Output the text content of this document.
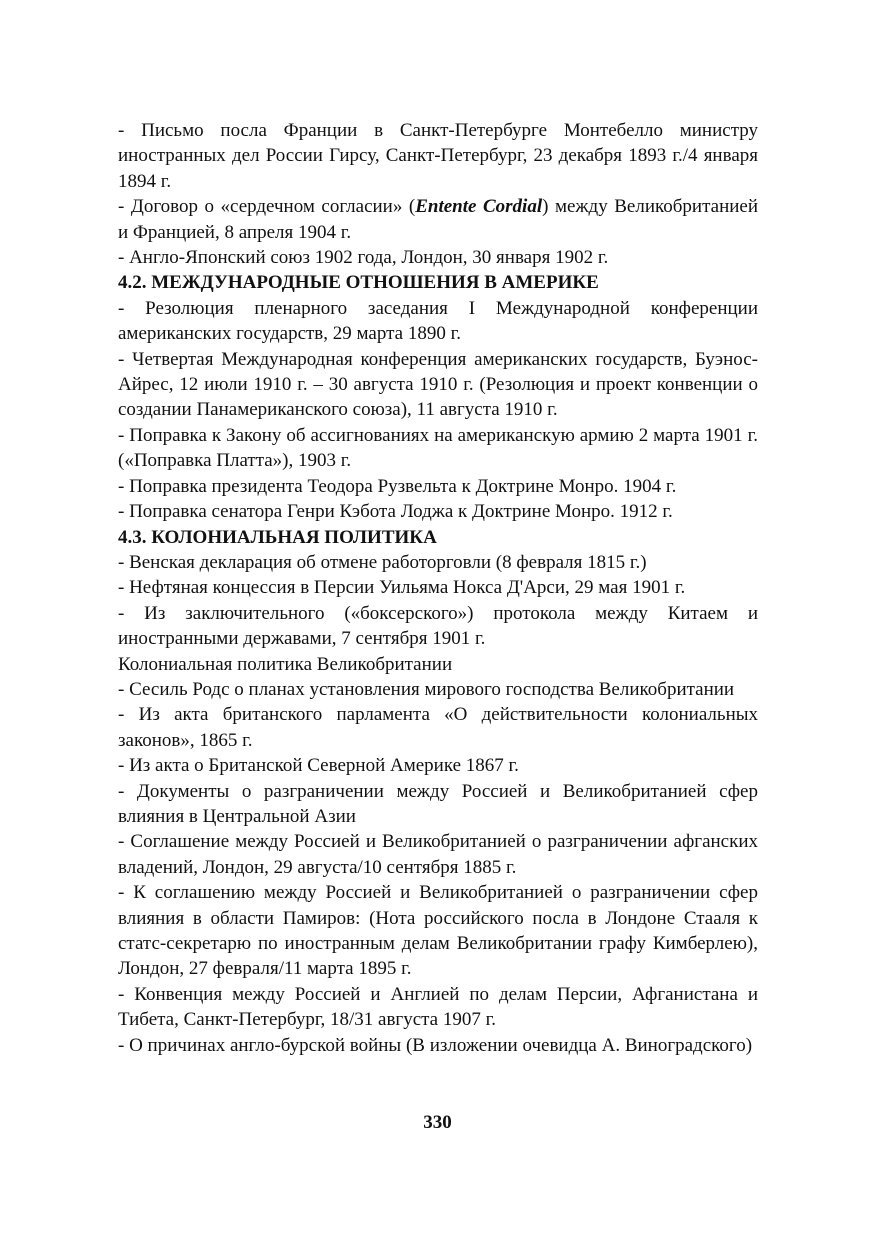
- Письмо посла Франции в Санкт-Петербурге Монтебелло министру иностранных дел России Гирсу, Санкт-Петербург, 23 декабря 1893 г./4 января 1894 г.

- Договор о «сердечном согласии» (Entente Cordial) между Великобританией и Францией, 8 апреля 1904 г.

- Англо-Японский союз 1902 года, Лондон, 30 января 1902 г.

4.2. МЕЖДУНАРОДНЫЕ ОТНОШЕНИЯ В АМЕРИКЕ

- Резолюция пленарного заседания I Международной конференции американских государств, 29 марта 1890 г.

- Четвертая Международная конференция американских государств, Буэнос-Айрес, 12 июли 1910 г. – 30 августа 1910 г. (Резолюция и проект конвенции о создании Панамериканского союза), 11 августа 1910 г.

- Поправка к Закону об ассигнованиях на американскую армию 2 марта 1901 г. («Поправка Платта»), 1903 г.

- Поправка президента Теодора Рузвельта к Доктрине Монро. 1904 г.

- Поправка сенатора Генри Кэбота Лоджа к Доктрине Монро. 1912 г.

4.3. КОЛОНИАЛЬНАЯ ПОЛИТИКА

- Венская декларация об отмене работорговли (8 февраля 1815 г.)

- Нефтяная концессия в Персии Уильяма Нокса Д'Арси, 29 мая 1901 г.

- Из заключительного («боксерского») протокола между Китаем и иностранными державами, 7 сентября 1901 г.

Колониальная политика Великобритании

- Сесиль Родс о планах установления мирового господства Великобритании

- Из акта британского парламента «О действительности колониальных законов», 1865 г.

- Из акта о Британской Северной Америке 1867 г.

- Документы о разграничении между Россией и Великобританией сфер влияния в Центральной Азии

- Соглашение между Россией и Великобританией о разграничении афганских владений, Лондон, 29 августа/10 сентября 1885 г.

- К соглашению между Россией и Великобританией о разграничении сфер влияния в области Памиров: (Нота российского посла в Лондоне Стааля к статс-секретарю по иностранным делам Великобритании графу Кимберлею), Лондон, 27 февраля/11 марта 1895 г.

- Конвенция между Россией и Англией по делам Персии, Афганистана и Тибета, Санкт-Петербург, 18/31 августа 1907 г.

- О причинах англо-бурской войны (В изложении очевидца А. Виноградского)

330
